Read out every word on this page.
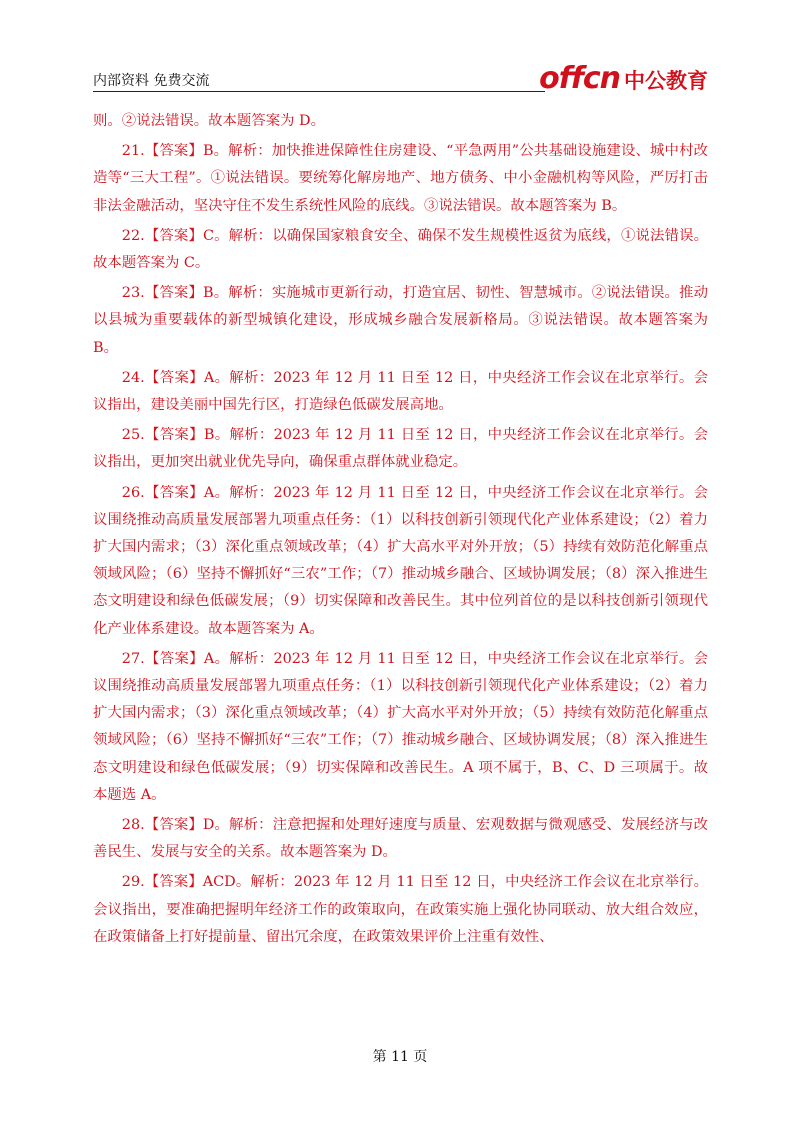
内部资料 免费交流	offcn 中公教育

则。②说法错误。故本题答案为 D。

21.【答案】B。解析：加快推进保障性住房建设、“平急两用”公共基础设施建设、城中村改造等“三大工程”。①说法错误。要统筹化解房地产、地方债务、中小金融机构等风险，严厉打击非法金融活动，坚决守住不发生系统性风险的底线。③说法错误。故本题答案为 B。

22.【答案】C。解析：以确保国家粮食安全、确保不发生规模性返贫为底线，①说法错误。故本题答案为 C。

23.【答案】B。解析：实施城市更新行动，打造宜居、韧性、智慧城市。②说法错误。推动以县城为重要载体的新型城镇化建设，形成城乡融合发展新格局。③说法错误。故本题答案为 B。

24.【答案】A。解析：2023 年 12 月 11 日至 12 日，中央经济工作会议在北京举行。会议指出，建设美丽中国先行区，打造绿色低碳发展高地。

25.【答案】B。解析：2023 年 12 月 11 日至 12 日，中央经济工作会议在北京举行。会议指出，更加突出就业优先导向，确保重点群体就业稳定。

26.【答案】A。解析：2023 年 12 月 11 日至 12 日，中央经济工作会议在北京举行。会议围绕推动高质量发展部署九项重点任务：（1）以科技创新引领现代化产业体系建设；（2）着力扩大国内需求；（3）深化重点领域改革；（4）扩大高水平对外开放；（5）持续有效防范化解重点领域风险；（6）坚持不懈抓好“三农”工作；（7）推动城乡融合、区域协调发展；（8）深入推进生态文明建设和绿色低碳发展；（9）切实保障和改善民生。其中位列首位的是以科技创新引领现代化产业体系建设。故本题答案为 A。

27.【答案】A。解析：2023 年 12 月 11 日至 12 日，中央经济工作会议在北京举行。会议围绕推动高质量发展部署九项重点任务：（1）以科技创新引领现代化产业体系建设；（2）着力扩大国内需求；（3）深化重点领域改革；（4）扩大高水平对外开放；（5）持续有效防范化解重点领域风险；（6）坚持不懈抓好“三农”工作；（7）推动城乡融合、区域协调发展；（8）深入推进生态文明建设和绿色低碳发展；（9）切实保障和改善民生。A 项不属于，B、C、D 三项属于。故本题选 A。

28.【答案】D。解析：注意把握和处理好速度与质量、宏观数据与微观感受、发展经济与改善民生、发展与安全的关系。故本题答案为 D。

29.【答案】ACD。解析：2023 年 12 月 11 日至 12 日，中央经济工作会议在北京举行。会议指出，要准确把握明年经济工作的政策取向，在政策实施上强化协同联动、放大组合效应，在政策储备上打好提前量、留出冗余度，在政策效果评价上注重有效性、

第 11 页
